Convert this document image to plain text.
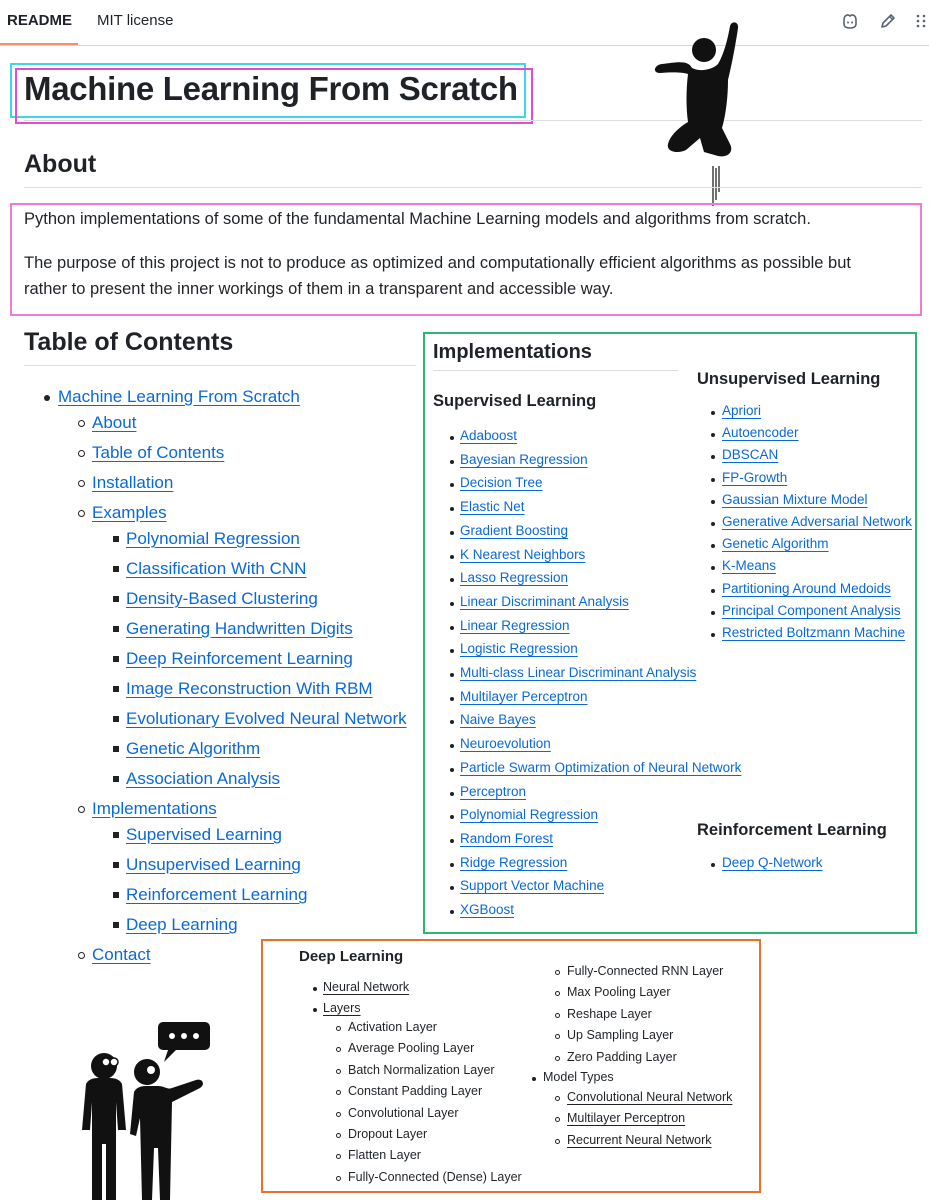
README MIT license
Machine Learning From Scratch
About

Python implementations of some of the fundamental Machine Learning models and algorithms from scratch.

The purpose of this project is not to produce as optimized and computationally efficient algorithms as possible but

rather to present the inner workings of them in a transparent and accessible way.

Table of Contents
Machine Learning From Scratch
About
Table of Contents
Installation
Examples
Polynomial Regression
Classification With CNN
Density-Based Clustering
Generating Handwritten Digits
Deep Reinforcement Learning
Image Reconstruction With RBM
Evolutionary Evolved Neural Network
Genetic Algorithm
Association Analysis
Implementations
Supervised Learning
Unsupervised Learning
Reinforcement Learning
Deep Learning
Contact
Implementations
Supervised Learning
Unsupervised Learning
Reinforcement Learning
Adaboost
Bayesian Regression
Decision Tree
Elastic Net
Gradient Boosting
K Nearest Neighbors
Lasso Regression
Linear Discriminant Analysis
Linear Regression
Logistic Regression
Multi-class Linear Discriminant Analysis
Multilayer Perceptron
Naive Bayes
Neuroevolution
Particle Swarm Optimization of Neural Network
Perceptron
Polynomial Regression
Random Forest
Ridge Regression
Support Vector Machine
XGBoost
Apriori
Autoencoder
DBSCAN
FP-Growth
Gaussian Mixture Model
Generative Adversarial Network
Genetic Algorithm
K-Means
Partitioning Around Medoids
Principal Component Analysis
Restricted Boltzmann Machine
Deep Q-Network
Deep Learning
Neural Network
Layers
Model Types
Activation Layer
Average Pooling Layer
Batch Normalization Layer
Constant Padding Layer
Convolutional Layer
Dropout Layer
Flatten Layer
Fully-Connected (Dense) Layer
Fully-Connected RNN Layer
Max Pooling Layer
Reshape Layer
Up Sampling Layer
Zero Padding Layer
Convolutional Neural Network
Multilayer Perceptron
Recurrent Neural Network
